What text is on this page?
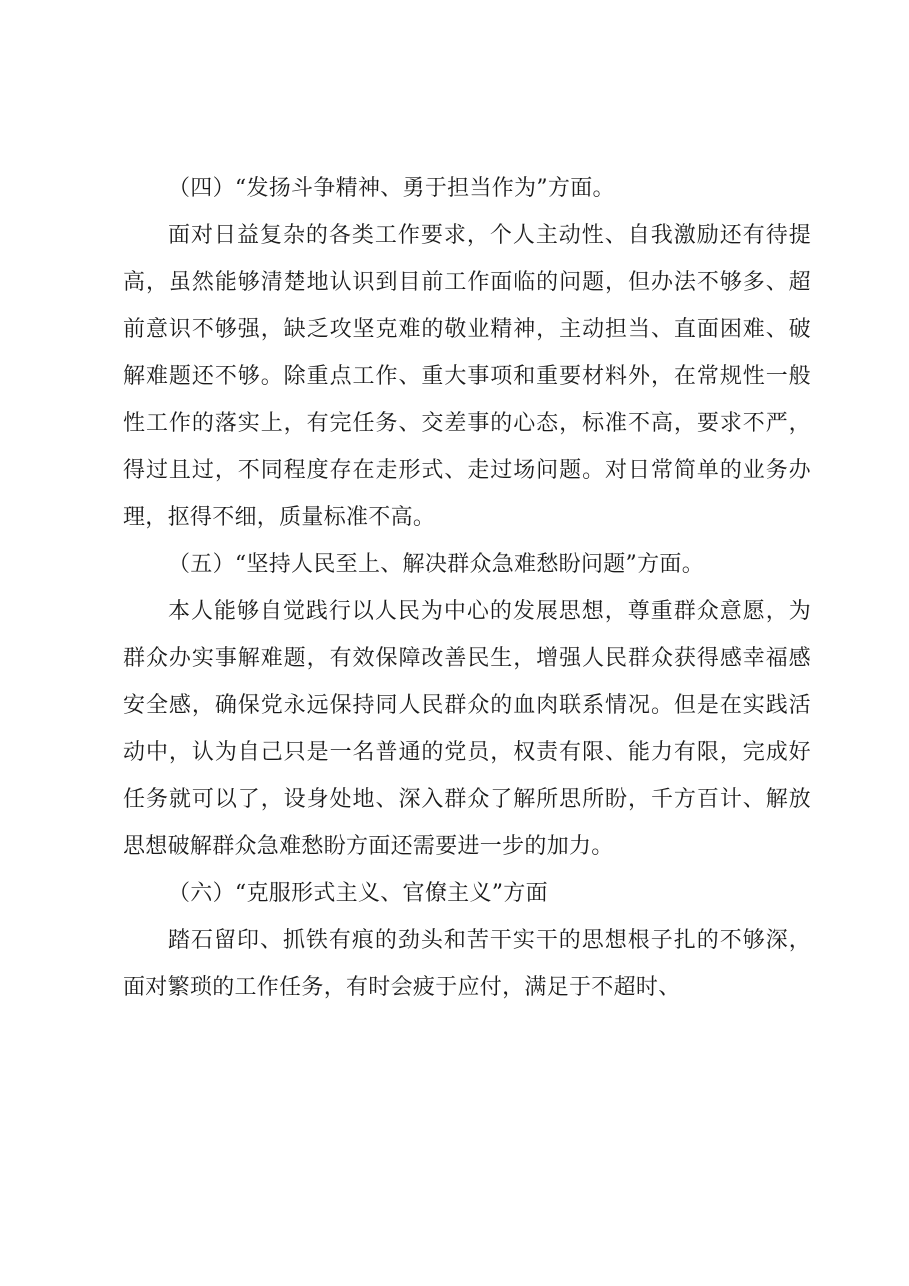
（四）“发扬斗争精神、勇于担当作为”方面。

面对日益复杂的各类工作要求，个人主动性、自我激励还有待提高，虽然能够清楚地认识到目前工作面临的问题，但办法不够多、超前意识不够强，缺乏攻坚克难的敬业精神，主动担当、直面困难、破解难题还不够。除重点工作、重大事项和重要材料外，在常规性一般性工作的落实上，有完任务、交差事的心态，标准不高，要求不严，得过且过，不同程度存在走形式、走过场问题。对日常简单的业务办理，抠得不细，质量标准不高。

（五）“坚持人民至上、解决群众急难愁盼问题”方面。

本人能够自觉践行以人民为中心的发展思想，尊重群众意愿，为群众办实事解难题，有效保障改善民生，增强人民群众获得感幸福感安全感，确保党永远保持同人民群众的血肉联系情况。但是在实践活动中，认为自己只是一名普通的党员，权责有限、能力有限，完成好任务就可以了，设身处地、深入群众了解所思所盼，千方百计、解放思想破解群众急难愁盼方面还需要进一步的加力。

（六）“克服形式主义、官僚主义”方面

踏石留印、抓铁有痕的劲头和苦干实干的思想根子扎的不够深，面对繁琐的工作任务，有时会疲于应付，满足于不超时、
